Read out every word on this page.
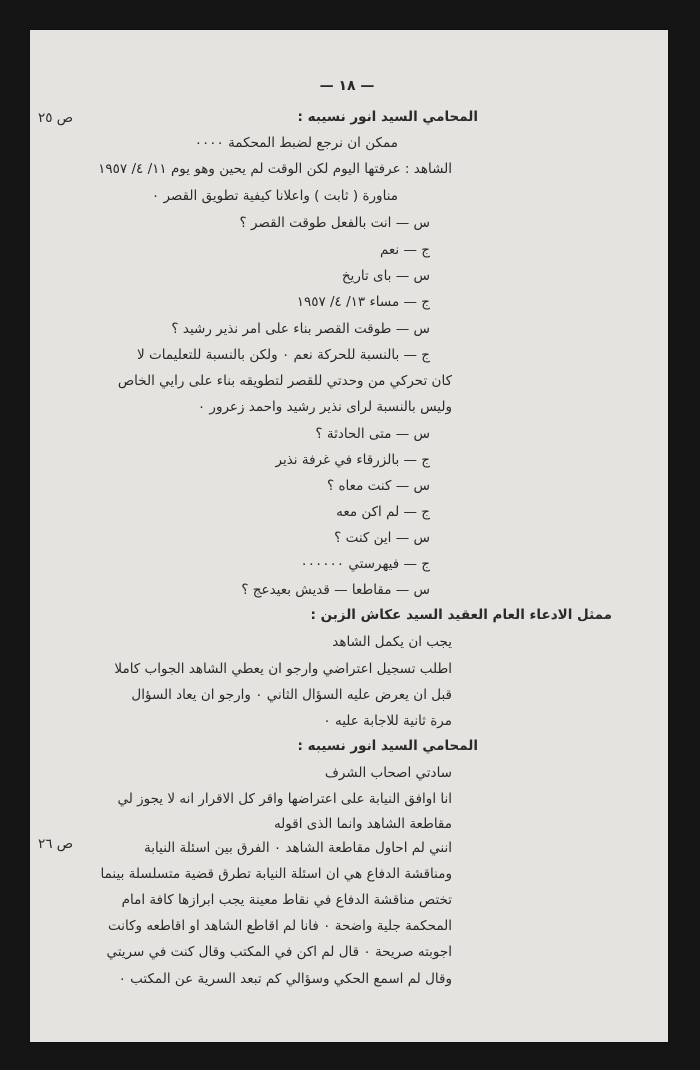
— ١٨ —
ص ٢٥
ص ٢٦
المحامي السيد انور نسيبه :
ممكن ان نرجع لضبط المحكمة ٠٠٠٠
الشاهد : عرفتها اليوم لكن الوقت لم يحين وهو يوم ١١/ ٤/ ١٩٥٧
مناورة ( ثابت ) واعلانا كيفية تطويق القصر ٠
س — انت بالفعل طوقت القصر ؟
ج — نعم
س — باى تاريخ
ج — مساء ١٣/ ٤/ ١٩٥٧
س — طوقت القصر بناء على امر نذير رشيد ؟
ج — بالنسبة للحركة نعم ٠ ولكن بالنسبة للتعليمات لا
كان تحركي من وحدتي للقصر لتطويقه بناء على رايي الخاص
وليس بالنسبة لراى نذير رشيد واحمد زعرور ٠
س — متى الحادثة ؟
ج — بالزرقاء في غرفة نذير
س — كنت معاه ؟
ج — لم اكن معه
س — اين كنت ؟
ج — فيهرستي ٠٠٠٠٠٠
س — مقاطعا — قديش بعيدعج ؟
ممثل الادعاء العام العقيد السيد عكاش الزبن :
يجب ان يكمل الشاهد
اطلب تسجيل اعتراضي وارجو ان يعطي الشاهد الجواب كاملا
قبل ان يعرض عليه السؤال الثاني ٠ وارجو ان يعاد السؤال
مرة ثانية للاجابة عليه ٠
المحامي السيد انور نسيبه :
سادتي اصحاب الشرف
انا اوافق النيابة على اعتراضها واقر كل الاقرار انه لا يجوز لي
مقاطعة الشاهد وانما الذى اقوله
انني لم احاول مقاطعة الشاهد ٠ الفرق بين اسئلة النيابة
ومناقشة الدفاع هي ان اسئلة النيابة تطرق قضية متسلسلة بينما
تختص مناقشة الدفاع في نقاط معينة يجب ابرازها كافة امام
المحكمة جلية واضحة ٠ فانا لم اقاطع الشاهد او اقاطعه وكانت
اجوبته صريحة ٠ قال لم اكن في المكتب وقال كنت في سريتي
وقال لم اسمع الحكي وسؤالي كم تبعد السرية عن المكتب ٠
